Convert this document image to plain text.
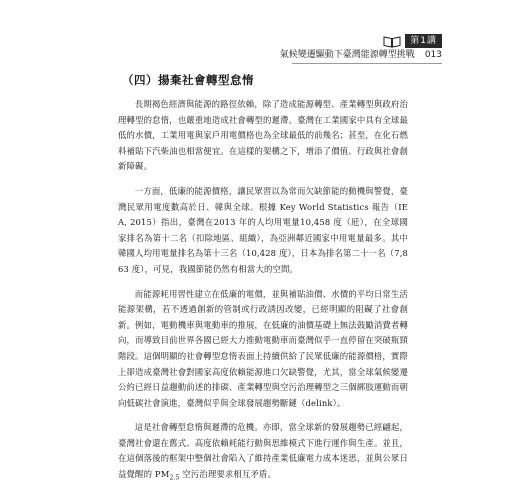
第1講
氣候變遷驅動下臺灣能源轉型挑戰 013
（四）揚棄社會轉型怠惰

長期褐色經濟與能源的路徑依賴，除了造成能源轉型、產業轉型與政府治理轉型的怠惰，也嚴重地造成社會轉型的遲滯。臺灣在工業國家中具有全球最低的水價，工業用電與家戶用電價格也為全球最低的前幾名；甚至，在化石燃料補貼下汽柴油也相當便宜。在這樣的架構之下，增添了價值、行政與社會創新障礙。

一方面，低廉的能源價格，讓民眾習以為常而欠缺節能的動機與警覺，臺灣民眾用電度數高於日、韓與全球。根據 Key World Statistics 報告（IEA, 2015）指出，臺灣在2013 年的人均用電量10,458 度（瓩），在全球國家排名為第十二名（扣除地區、組織），為亞洲鄰近國家中用電量最多。其中韓國人均用電量排名為第十三名（10,428 度），日本為排名第二十一名（7,863 度），可見，我國節能仍然有相當大的空間。

而能源耗用習性建立在低廉的電價，並與補貼油價、水價的平均日常生活能源架構，若不透過創新的管制或行政誘因改變，已經明顯的阻礙了社會創新。例如，電動機車與電動車的推展，在低廉的油價基礎上無法鼓勵消費者轉向，而導致目前世界各國已經大力推動電動車而臺灣似乎一直停留在突破瓶頸階段。這個明顯的社會轉型怠惰表面上持續供給了民眾低廉的能源價格，實際上卻造成臺灣社會對國家高度依賴能源進口欠缺警覺，尤其，當全球氣候變遷公約已經日益趨動前述的排碳、產業轉型與空污治理轉型之三個綁肢運動而朝向低碳社會演進，臺灣似乎與全球發展趨勢斷鏈（delink）。

這是社會轉型怠惰與遲滯的危機。亦即，當全球新的發展趨勢已經翩起，臺灣社會還在舊式、高度依賴耗能行動與思維模式下進行運作與生產。並且，在這個落後的框架中整個社會陷入了維持產業低廉電力成本迷思，並與公眾日益覺醒的 $PM_{2.5}$ 空污治理要求相互矛盾。
